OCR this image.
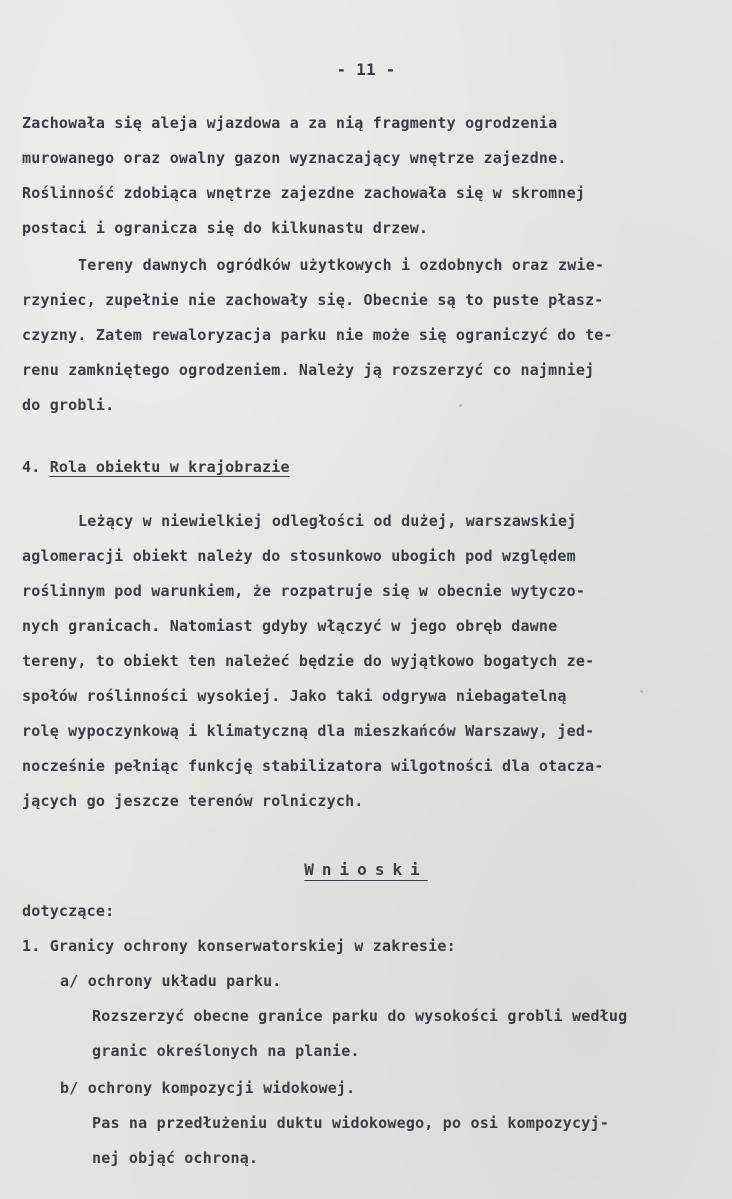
- 11 -
Zachowała się aleja wjazdowa a za nią fragmenty ogrodzenia
murowanego oraz owalny gazon wyznaczający wnętrze zajezdne.
Roślinność zdobiąca wnętrze zajezdne zachowała się w skromnej
postaci i ogranicza się do kilkunastu drzew.
Tereny dawnych ogródków użytkowych i ozdobnych oraz zwie-
rzyniec, zupełnie nie zachowały się. Obecnie są to puste płasz-
czyzny. Zatem rewaloryzacja parku nie może się ograniczyć do te-
renu zamkniętego ogrodzeniem. Należy ją rozszerzyć co najmniej
do grobli.
4. Rola obiektu w krajobrazie
Leżący w niewielkiej odległości od dużej, warszawskiej
aglomeracji obiekt należy do stosunkowo ubogich pod względem
roślinnym pod warunkiem, że rozpatruje się w obecnie wytyczo-
nych granicach. Natomiast gdyby włączyć w jego obręb dawne
tereny, to obiekt ten należeć będzie do wyjątkowo bogatych ze-
społów roślinności wysokiej. Jako taki odgrywa niebagatelną
rolę wypoczynkową i klimatyczną dla mieszkańców Warszawy, jed-
nocześnie pełniąc funkcję stabilizatora wilgotności dla otacza-
jących go jeszcze terenów rolniczych.
Wnioski
dotyczące:
1. Granicy ochrony konserwatorskiej w zakresie:
a/ ochrony układu parku.
Rozszerzyć obecne granice parku do wysokości grobli według
granic określonych na planie.
b/ ochrony kompozycji widokowej.
Pas na przedłużeniu duktu widokowego, po osi kompozycyj-
nej objąć ochroną.
